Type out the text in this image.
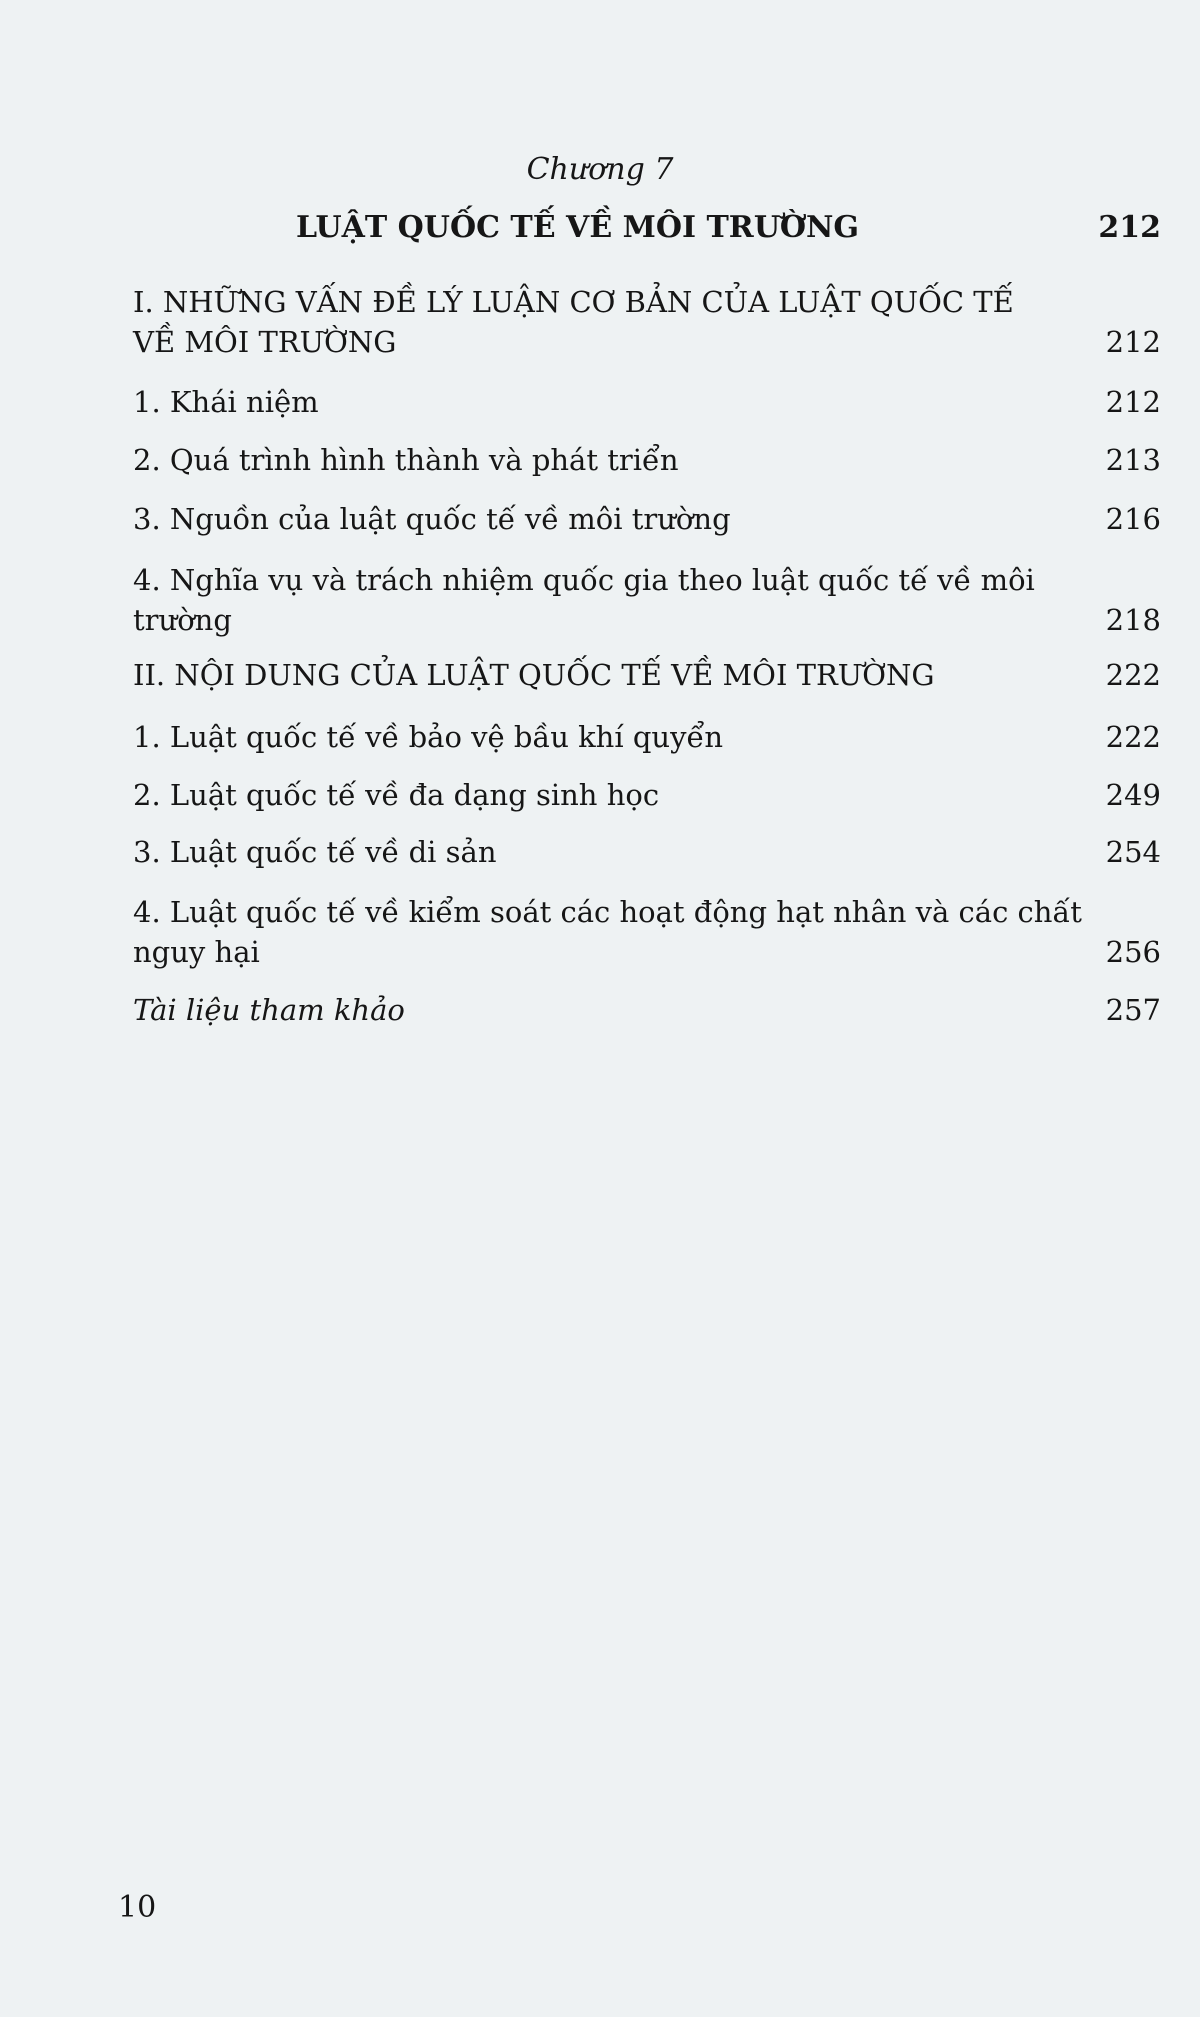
Chương 7
LUẬT QUỐC TẾ VỀ MÔI TRƯỜNG	212
I. NHỮNG VẤN ĐỀ LÝ LUẬN CƠ BẢN CỦA LUẬT QUỐC TẾ
VỀ MÔI TRƯỜNG	212
1. Khái niệm	212
2. Quá trình hình thành và phát triển	213
3. Nguồn của luật quốc tế về môi trường	216
4. Nghĩa vụ và trách nhiệm quốc gia theo luật quốc tế về môi
trường	218
II. NỘI DUNG CỦA LUẬT QUỐC TẾ VỀ MÔI TRƯỜNG	222
1. Luật quốc tế về bảo vệ bầu khí quyển	222
2. Luật quốc tế về đa dạng sinh học	249
3. Luật quốc tế về di sản	254
4. Luật quốc tế về kiểm soát các hoạt động hạt nhân và các chất
nguy hại	256
Tài liệu tham khảo	257
10
